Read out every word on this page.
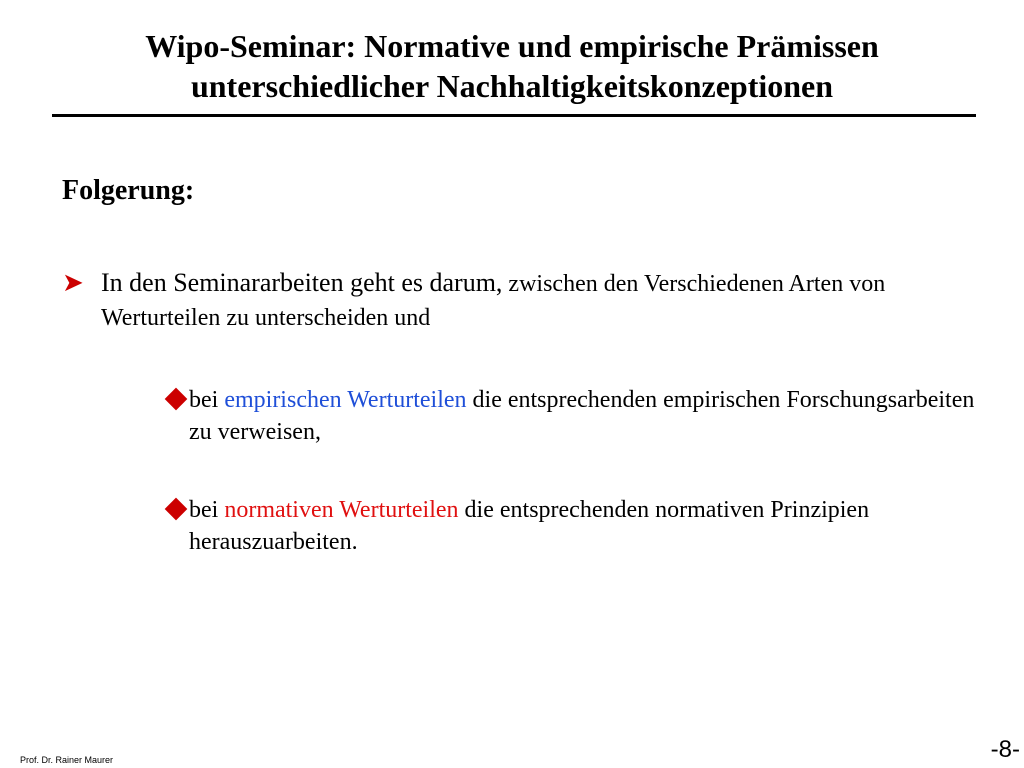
Wipo-Seminar: Normative und empirische Prämissen
unterschiedlicher Nachhaltigkeitskonzeptionen
Folgerung:
➤ In den Seminararbeiten geht es darum, zwischen den Verschiedenen Arten von Werturteilen zu unterscheiden und
bei empirischen Werturteilen die entsprechenden empirischen Forschungsarbeiten zu verweisen,
bei normativen Werturteilen die entsprechenden normativen Prinzipien herauszuarbeiten.
Prof. Dr. Rainer Maurer	-8-
